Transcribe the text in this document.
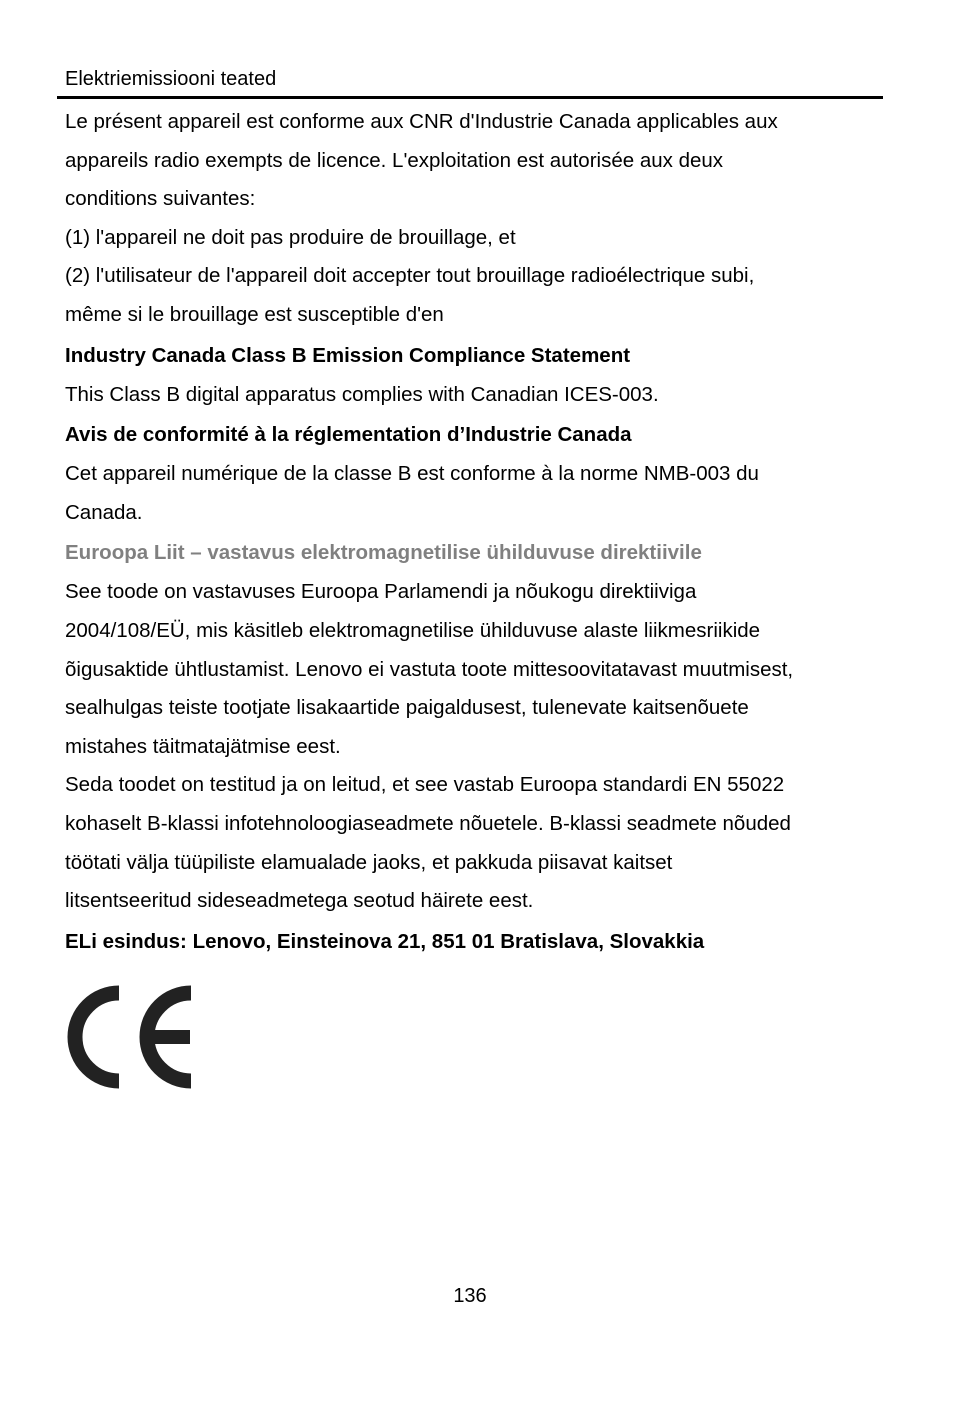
Elektriemissiooni teated

Le présent appareil est conforme aux CNR d'Industrie Canada applicables aux

appareils radio exempts de licence. L'exploitation est autorisée aux deux

conditions suivantes:

(1) l'appareil ne doit pas produire de brouillage, et

(2) l'utilisateur de l'appareil doit accepter tout brouillage radioélectrique subi,

même si le brouillage est susceptible d'en

Industry Canada Class B Emission Compliance Statement

This Class B digital apparatus complies with Canadian ICES-003.

Avis de conformité à la réglementation d’Industrie Canada

Cet appareil numérique de la classe B est conforme à la norme NMB-003 du

Canada.

Euroopa Liit – vastavus elektromagnetilise ühilduvuse direktiivile

See toode on vastavuses Euroopa Parlamendi ja nõukogu direktiiviga

2004/108/EÜ, mis käsitleb elektromagnetilise ühilduvuse alaste liikmesriikide

õigusaktide ühtlustamist. Lenovo ei vastuta toote mittesoovitatavast muutmisest,

sealhulgas teiste tootjate lisakaartide paigaldusest, tulenevate kaitsenõuete

mistahes täitmatajätmise eest.

Seda toodet on testitud ja on leitud, et see vastab Euroopa standardi EN 55022

kohaselt B-klassi infotehnoloogiaseadmete nõuetele. B-klassi seadmete nõuded

töötati välja tüüpiliste elamualade jaoks, et pakkuda piisavat kaitset

litsentseeritud sideseadmetega seotud häirete eest.

ELi esindus: Lenovo, Einsteinova 21, 851 01 Bratislava, Slovakkia

136
